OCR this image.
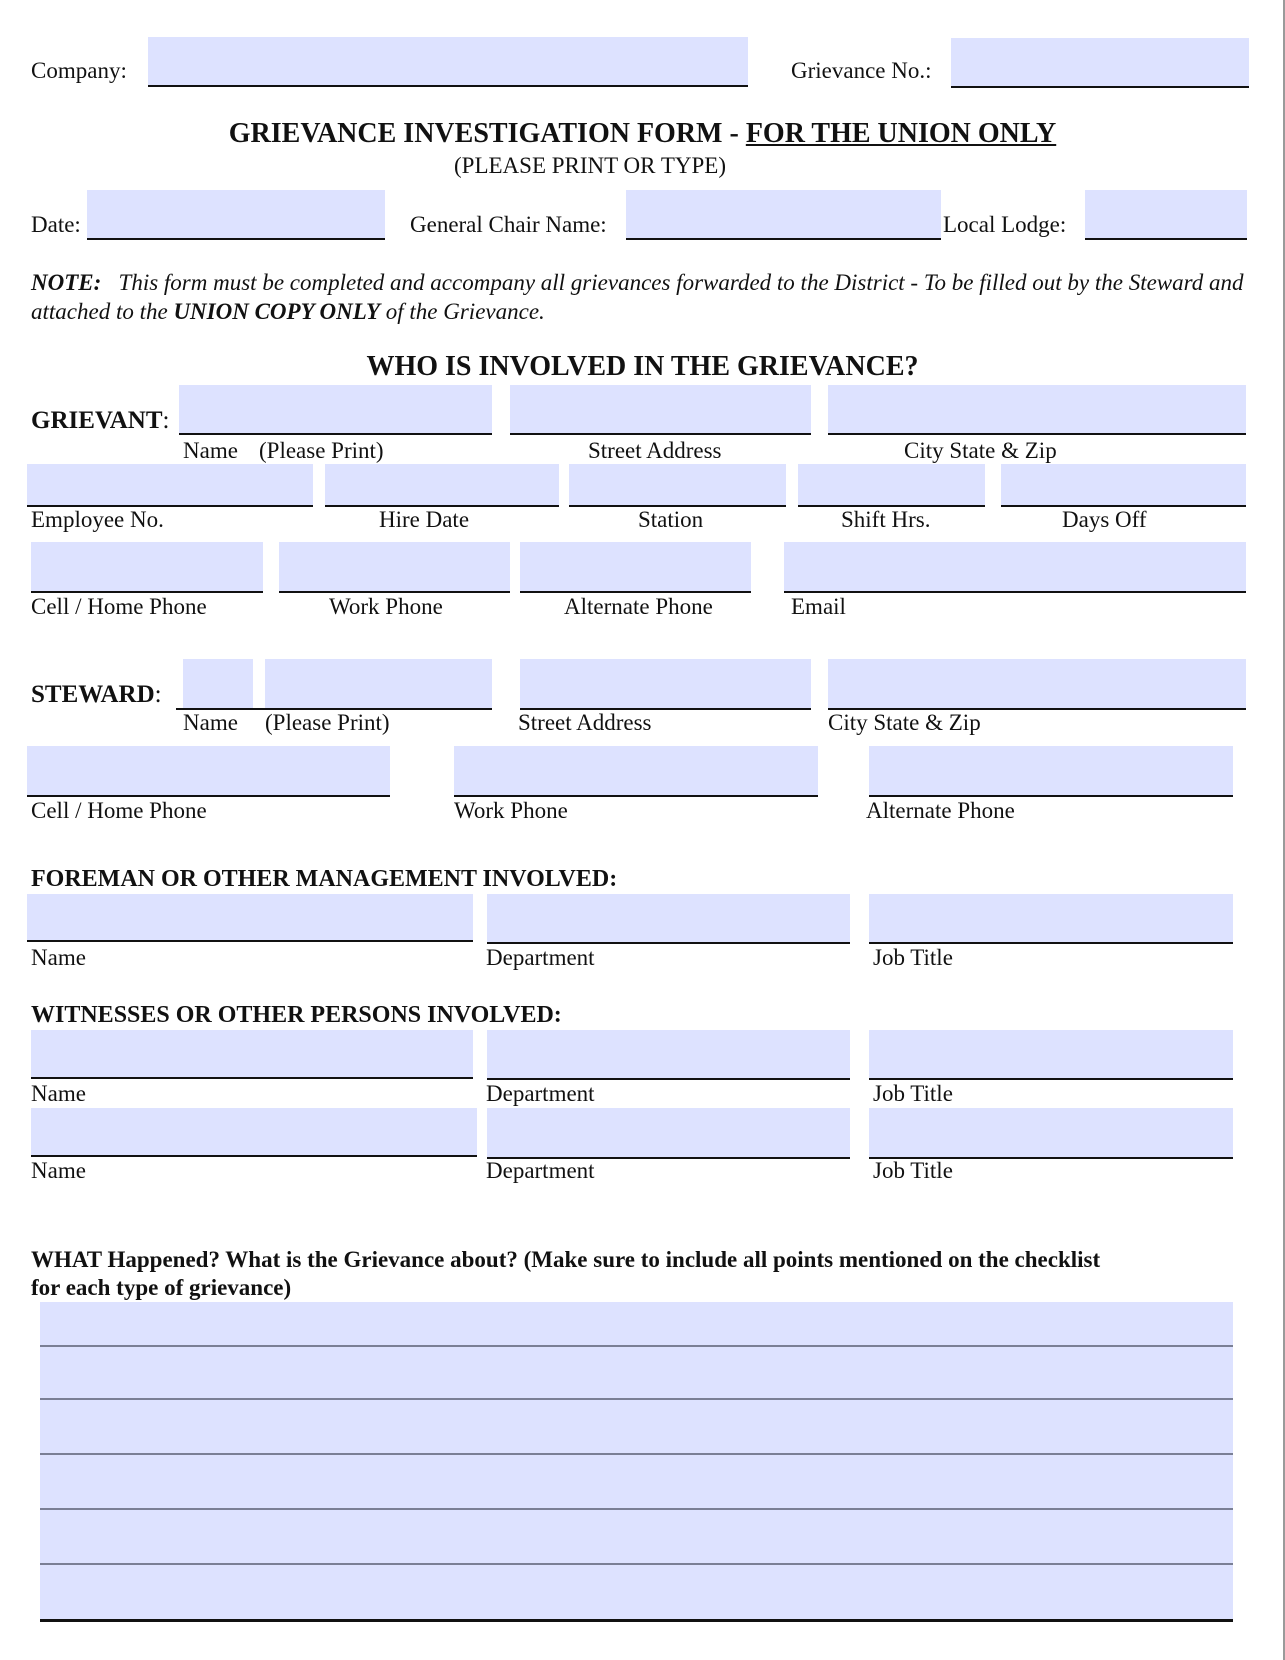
Company:	Grievance No.:
GRIEVANCE INVESTIGATION FORM - FOR THE UNION ONLY
(PLEASE PRINT OR TYPE)
Date:	General Chair Name:	Local Lodge:
NOTE: This form must be completed and accompany all grievances forwarded to the District - To be filled out by the Steward and attached to the UNION COPY ONLY of the Grievance.
WHO IS INVOLVED IN THE GRIEVANCE?
GRIEVANT:
Name (Please Print)	Street Address	City State & Zip
Employee No.	Hire Date	Station	Shift Hrs.	Days Off
Cell / Home Phone	Work Phone	Alternate Phone	Email
STEWARD:
Name (Please Print)	Street Address	City State & Zip
Cell / Home Phone	Work Phone	Alternate Phone
FOREMAN OR OTHER MANAGEMENT INVOLVED:
Name	Department	Job Title
WITNESSES OR OTHER PERSONS INVOLVED:
Name	Department	Job Title
Name	Department	Job Title
WHAT Happened? What is the Grievance about? (Make sure to include all points mentioned on the checklist
for each type of grievance)
